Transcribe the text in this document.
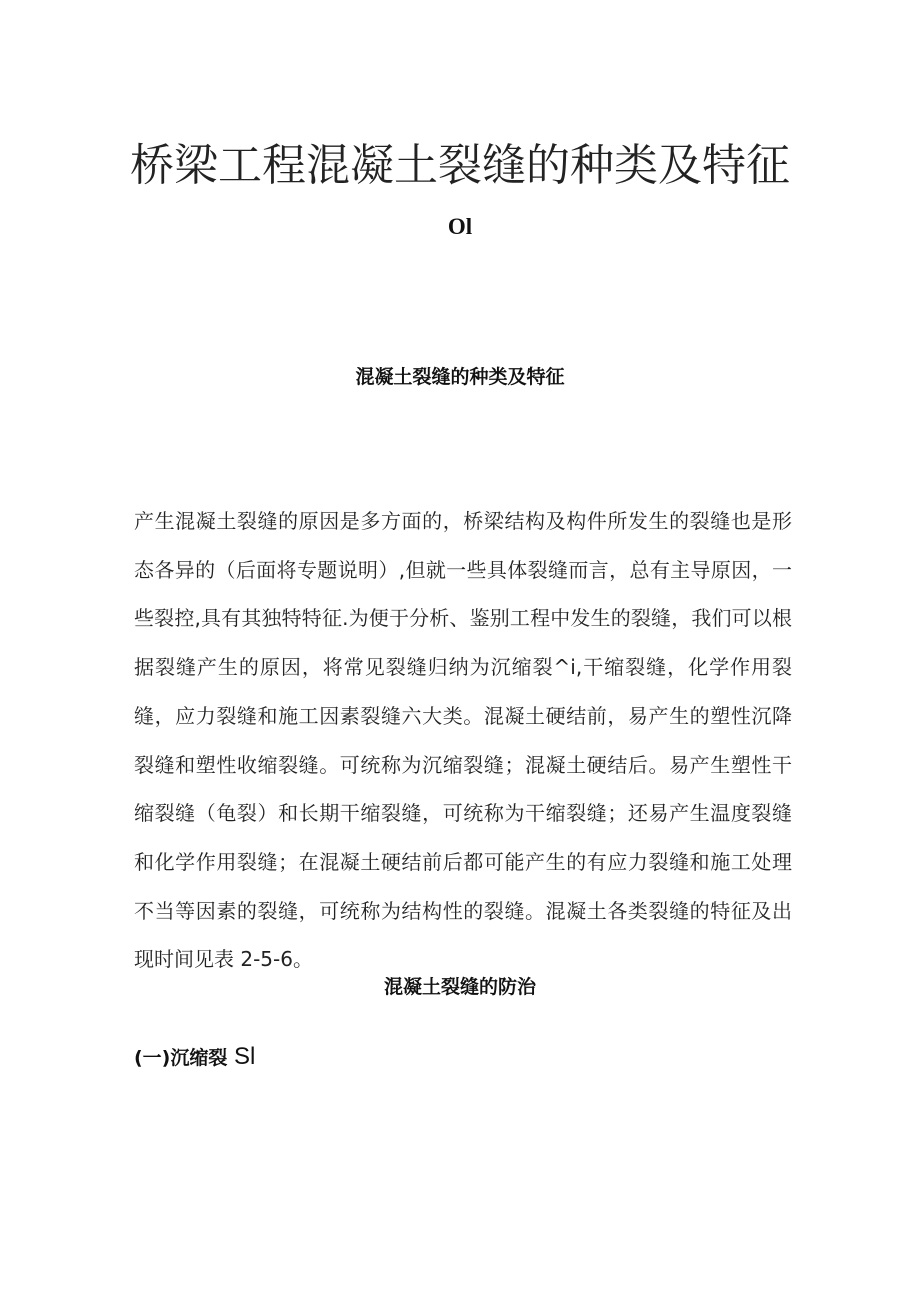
桥梁工程混凝土裂缝的种类及特征
Ol
混凝土裂缝的种类及特征

产生混凝土裂缝的原因是多方面的，桥梁结构及构件所发生的裂缝也是形态各异的（后面将专题说明）,但就一些具体裂缝而言，总有主导原因，一些裂控,具有其独特特征.为便于分析、鉴别工程中发生的裂缝，我们可以根据裂缝产生的原因，将常见裂缝归纳为沉缩裂^i,干缩裂缝，化学作用裂缝，应力裂缝和施工因素裂缝六大类。混凝土硬结前，易产生的塑性沉降裂缝和塑性收缩裂缝。可统称为沉缩裂缝；混凝土硬结后。易产生塑性干缩裂缝（龟裂）和长期干缩裂缝，可统称为干缩裂缝；还易产生温度裂缝和化学作用裂缝；在混凝土硬结前后都可能产生的有应力裂缝和施工处理不当等因素的裂缝，可统称为结构性的裂缝。混凝土各类裂缝的特征及出现时间见表 2-5-6。

混凝土裂缝的防治
(一)沉缩裂 Sl
